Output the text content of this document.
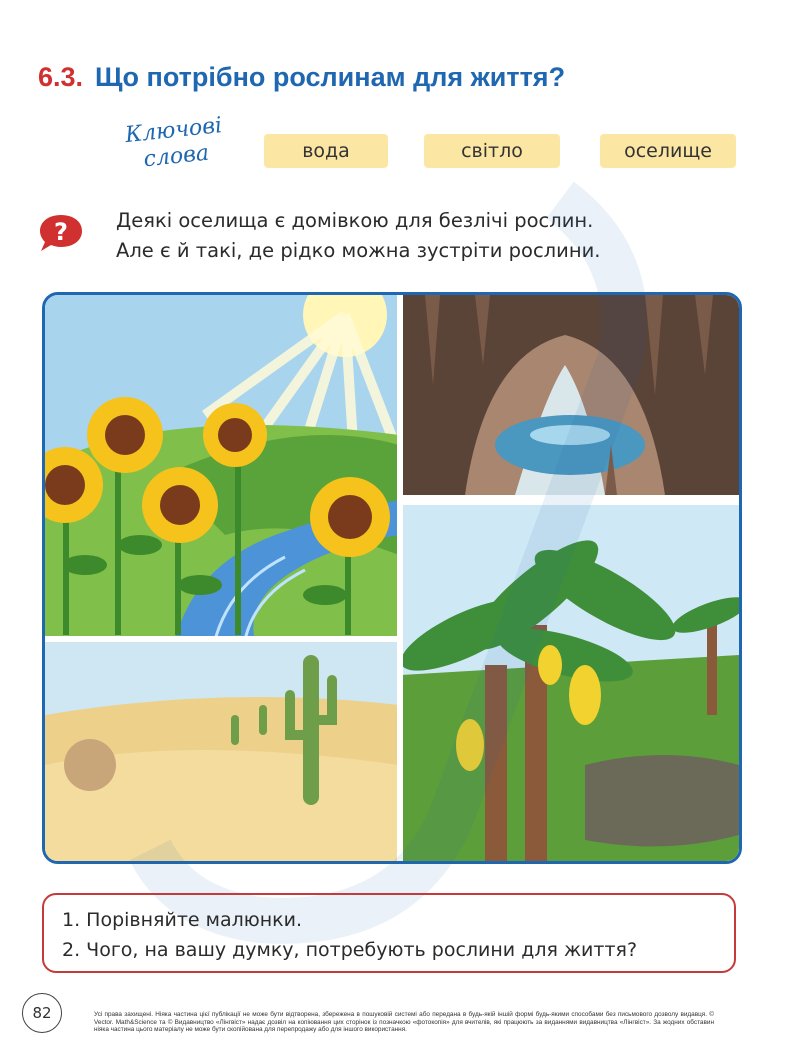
6.3. Що потрібно рослинам для життя?
Ключові
слова	вода	світло	оселище
? Деякі оселища є домівкою для безлічі рослин.
Але є й такі, де рідко можна зустріти рослини.
1. Порівняйте малюнки.
2. Чого, на вашу думку, потребують рослини для життя?
82	Усі права захищені. Ніяка частина цієї публікації не може бути відтворена, збережена в пошуковій системі або передана в будь-якій іншій формі будь-якими способами без письмового дозволу видавця. © Vector. Math&Science та © Видавництво «Лінгвіст» надає дозвіл на копіювання цих сторінок із позначкою «фотокопія» для вчителів, які працюють за виданнями видавництва «Лінгвіст». За жодних обставин ніяка частина цього матеріалу не може бути скопійована для перепродажу або для іншого використання.
